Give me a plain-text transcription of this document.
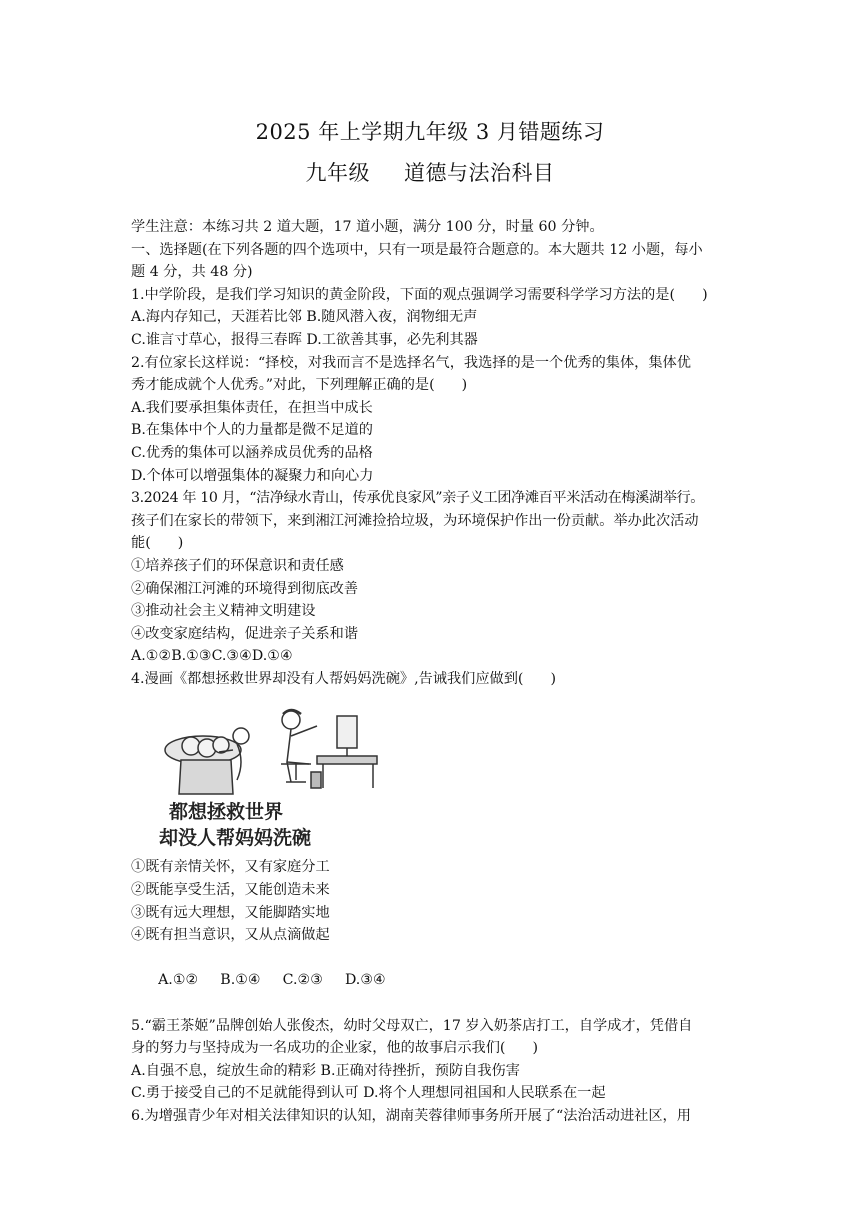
2025 年上学期九年级 3 月错题练习
九年级 道德与法治科目

学生注意：本练习共 2 道大题，17 道小题，满分 100 分，时量 60 分钟。

一、选择题(在下列各题的四个选项中，只有一项是最符合题意的。本大题共 12 小题，每小

题 4 分，共 48 分)

1.中学阶段，是我们学习知识的黄金阶段，下面的观点强调学习需要科学学习方法的是(      )

A.海内存知己，天涯若比邻 B.随风潜入夜，润物细无声

C.谁言寸草心，报得三春晖 D.工欲善其事，必先利其器

2.有位家长这样说：“择校，对我而言不是选择名气，我选择的是一个优秀的集体，集体优

秀才能成就个人优秀。”对此，下列理解正确的是(      )

A.我们要承担集体责任，在担当中成长

B.在集体中个人的力量都是微不足道的

C.优秀的集体可以涵养成员优秀的品格

D.个体可以增强集体的凝聚力和向心力

3.2024 年 10 月，“洁净绿水青山，传承优良家风”亲子义工团净滩百平米活动在梅溪湖举行。

孩子们在家长的带领下，来到湘江河滩捡拾垃圾，为环境保护作出一份贡献。举办此次活动

能(      )

①培养孩子们的环保意识和责任感

②确保湘江河滩的环境得到彻底改善

③推动社会主义精神文明建设

④改变家庭结构，促进亲子关系和谐

A.①②B.①③C.③④D.①④

4.漫画《都想拯救世界却没有人帮妈妈洗碗》,告诫我们应做到(      )

都想拯救世界
却没人帮妈妈洗碗

①既有亲情关怀，又有家庭分工

②既能享受生活，又能创造未来

③既有远大理想，又能脚踏实地

④既有担当意识，又从点滴做起

A.①② B.①④ C.②③ D.③④

5.“霸王茶姬”品牌创始人张俊杰，幼时父母双亡，17 岁入奶茶店打工，自学成才，凭借自

身的努力与坚持成为一名成功的企业家，他的故事启示我们(      )

A.自强不息，绽放生命的精彩 B.正确对待挫折，预防自我伤害

C.勇于接受自己的不足就能得到认可 D.将个人理想同祖国和人民联系在一起

6.为增强青少年对相关法律知识的认知，湖南芙蓉律师事务所开展了“法治活动进社区，用
